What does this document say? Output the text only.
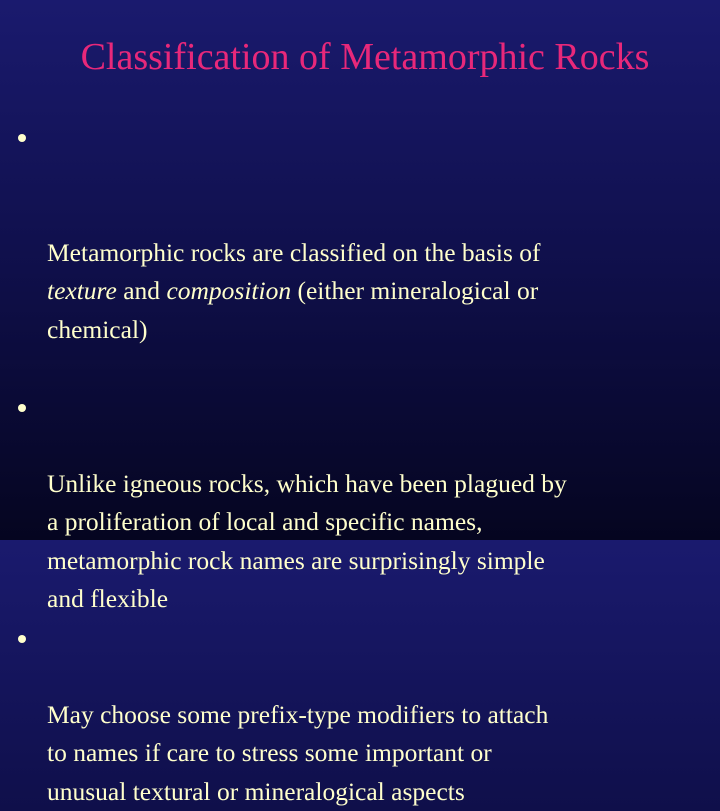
Classification of Metamorphic Rocks

Metamorphic rocks are classified on the basis of
texture and composition (either mineralogical or
chemical)

Unlike igneous rocks, which have been plagued by
a proliferation of local and specific names,
metamorphic rock names are surprisingly simple
and flexible

May choose some prefix-type modifiers to attach
to names if care to stress some important or
unusual textural or mineralogical aspects
